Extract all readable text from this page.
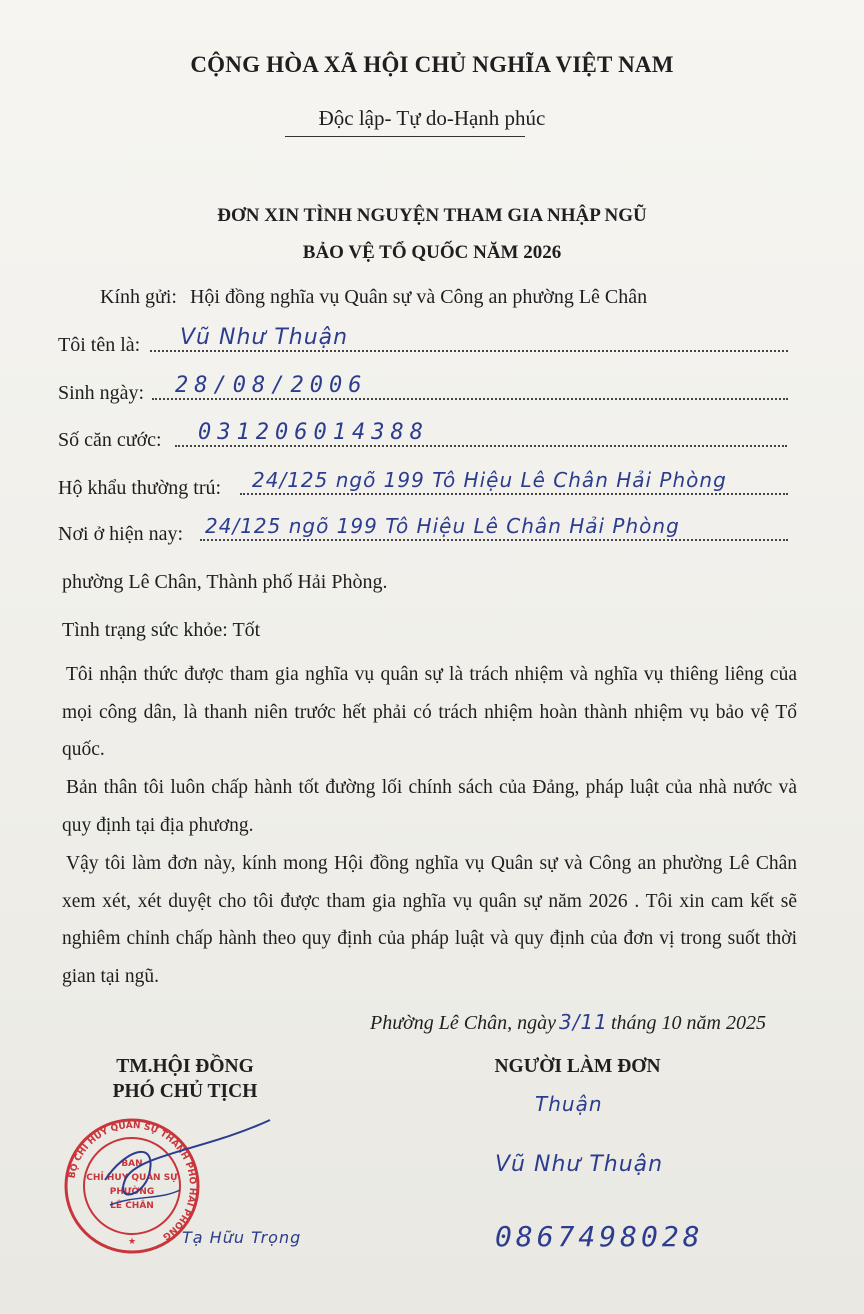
CỘNG HÒA XÃ HỘI CHỦ NGHĨA VIỆT NAM
Độc lập- Tự do-Hạnh phúc
ĐƠN XIN TÌNH NGUYỆN THAM GIA NHẬP NGŨ
BẢO VỆ TỔ QUỐC NĂM 2026
Kính gửi: Hội đồng nghĩa vụ Quân sự và Công an phường Lê Chân
Tôi tên là: Vũ Như Thuận
Sinh ngày: 28/08/2006
Số căn cước: 031206014388
Hộ khẩu thường trú: 24/125 ngõ 199 Tô Hiệu Lê Chân Hải Phòng
Nơi ở hiện nay: 24/125 ngõ 199 Tô Hiệu Lê Chân Hải Phòng
phường Lê Chân, Thành phố Hải Phòng.
Tình trạng sức khỏe: Tốt
Tôi nhận thức được tham gia nghĩa vụ quân sự là trách nhiệm và nghĩa vụ thiêng liêng của mọi công dân, là thanh niên trước hết phải có trách nhiệm hoàn thành nhiệm vụ bảo vệ Tổ quốc.
Bản thân tôi luôn chấp hành tốt đường lối chính sách của Đảng, pháp luật của nhà nước và quy định tại địa phương.
Vậy tôi làm đơn này, kính mong Hội đồng nghĩa vụ Quân sự và Công an phường Lê Chân xem xét, xét duyệt cho tôi được tham gia nghĩa vụ quân sự năm 2026 . Tôi xin cam kết sẽ nghiêm chỉnh chấp hành theo quy định của pháp luật và quy định của đơn vị trong suốt thời gian tại ngũ.
Phường Lê Chân, ngày 3/11 tháng 10 năm 2025
TM.HỘI ĐỒNG
PHÓ CHỦ TỊCH
BỘ CHỈ HUY QUÂN SỰ THÀNH PHỐ HẢI PHÒNG
BAN
CHỈ HUY QUÂN SỰ
PHƯỜNG
LÊ CHÂN
★	Tạ Hữu Trọng
NGƯỜI LÀM ĐƠN
Thuận
Vũ Như Thuận
0867498028
